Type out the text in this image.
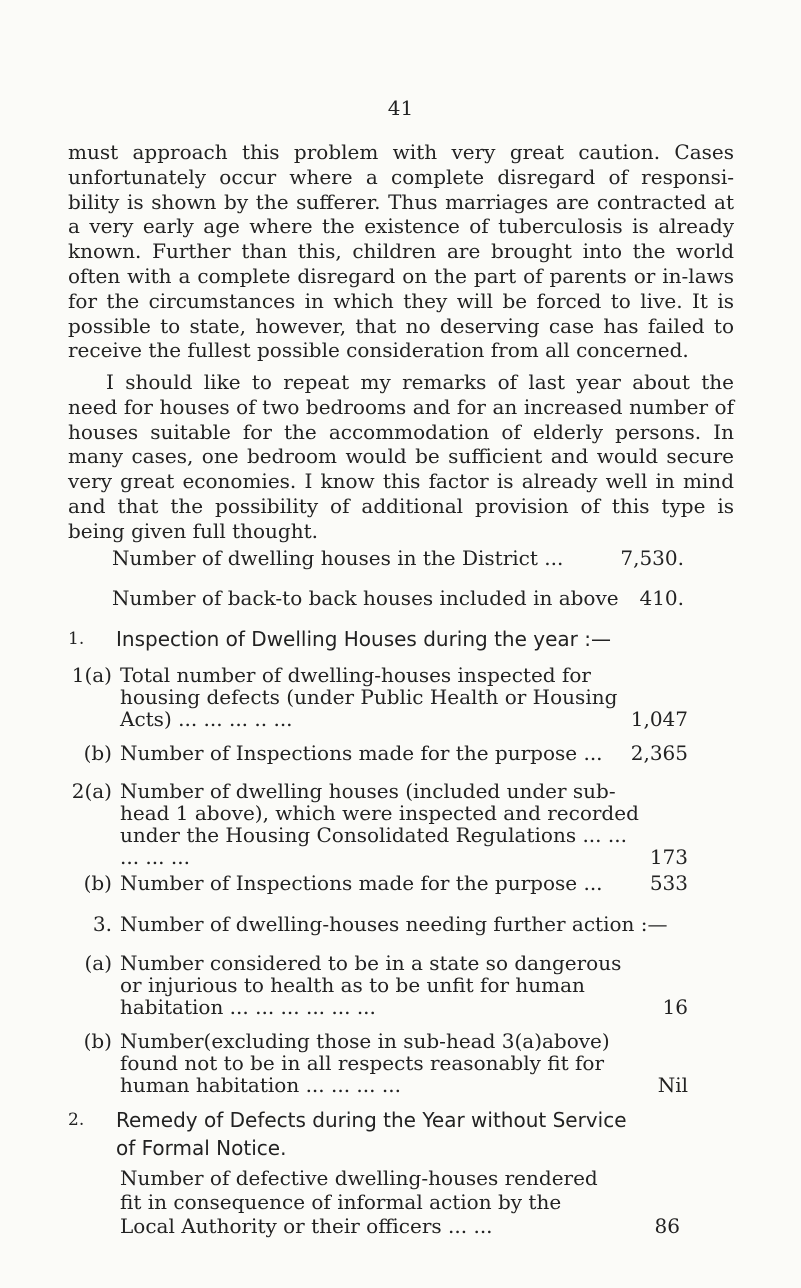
41

must approach this problem with very great caution. Cases unfortunately occur where a complete disregard of responsi-bility is shown by the sufferer. Thus marriages are contracted at a very early age where the existence of tuberculosis is already known. Further than this, children are brought into the world often with a complete disregard on the part of parents or in-laws for the circumstances in which they will be forced to live. It is possible to state, however, that no deserving case has failed to receive the fullest possible consideration from all concerned.

I should like to repeat my remarks of last year about the need for houses of two bedrooms and for an increased number of houses suitable for the accommodation of elderly persons. In many cases, one bedroom would be sufficient and would secure very great economies. I know this factor is already well in mind and that the possibility of additional provision of this type is being given full thought.

Number of dwelling houses in the District ...	7,530.
Number of back-to back houses included in above 410.
1. Inspection of Dwelling Houses during the year :—
1(a) Total number of dwelling-houses inspected for housing defects (under Public Health or Housing Acts) ... ... ... .. ...	1,047
(b) Number of Inspections made for the purpose ...	2,365
2(a) Number of dwelling houses (included under sub-head 1 above), which were inspected and recorded under the Housing Consolidated Regulations ... ... ... ... ...	173
(b) Number of Inspections made for the purpose ...	533
3. Number of dwelling-houses needing further action :—
(a) Number considered to be in a state so dangerous or injurious to health as to be unfit for human habitation ... ... ... ... ... ...	16
(b) Number(excluding those in sub-head 3(a)above) found not to be in all respects reasonably fit for human habitation ... ... ... ...	Nil
2. Remedy of Defects during the Year without Service
of Formal Notice.
Number of defective dwelling-houses rendered fit in consequence of informal action by the Local Authority or their officers ... ...	86
